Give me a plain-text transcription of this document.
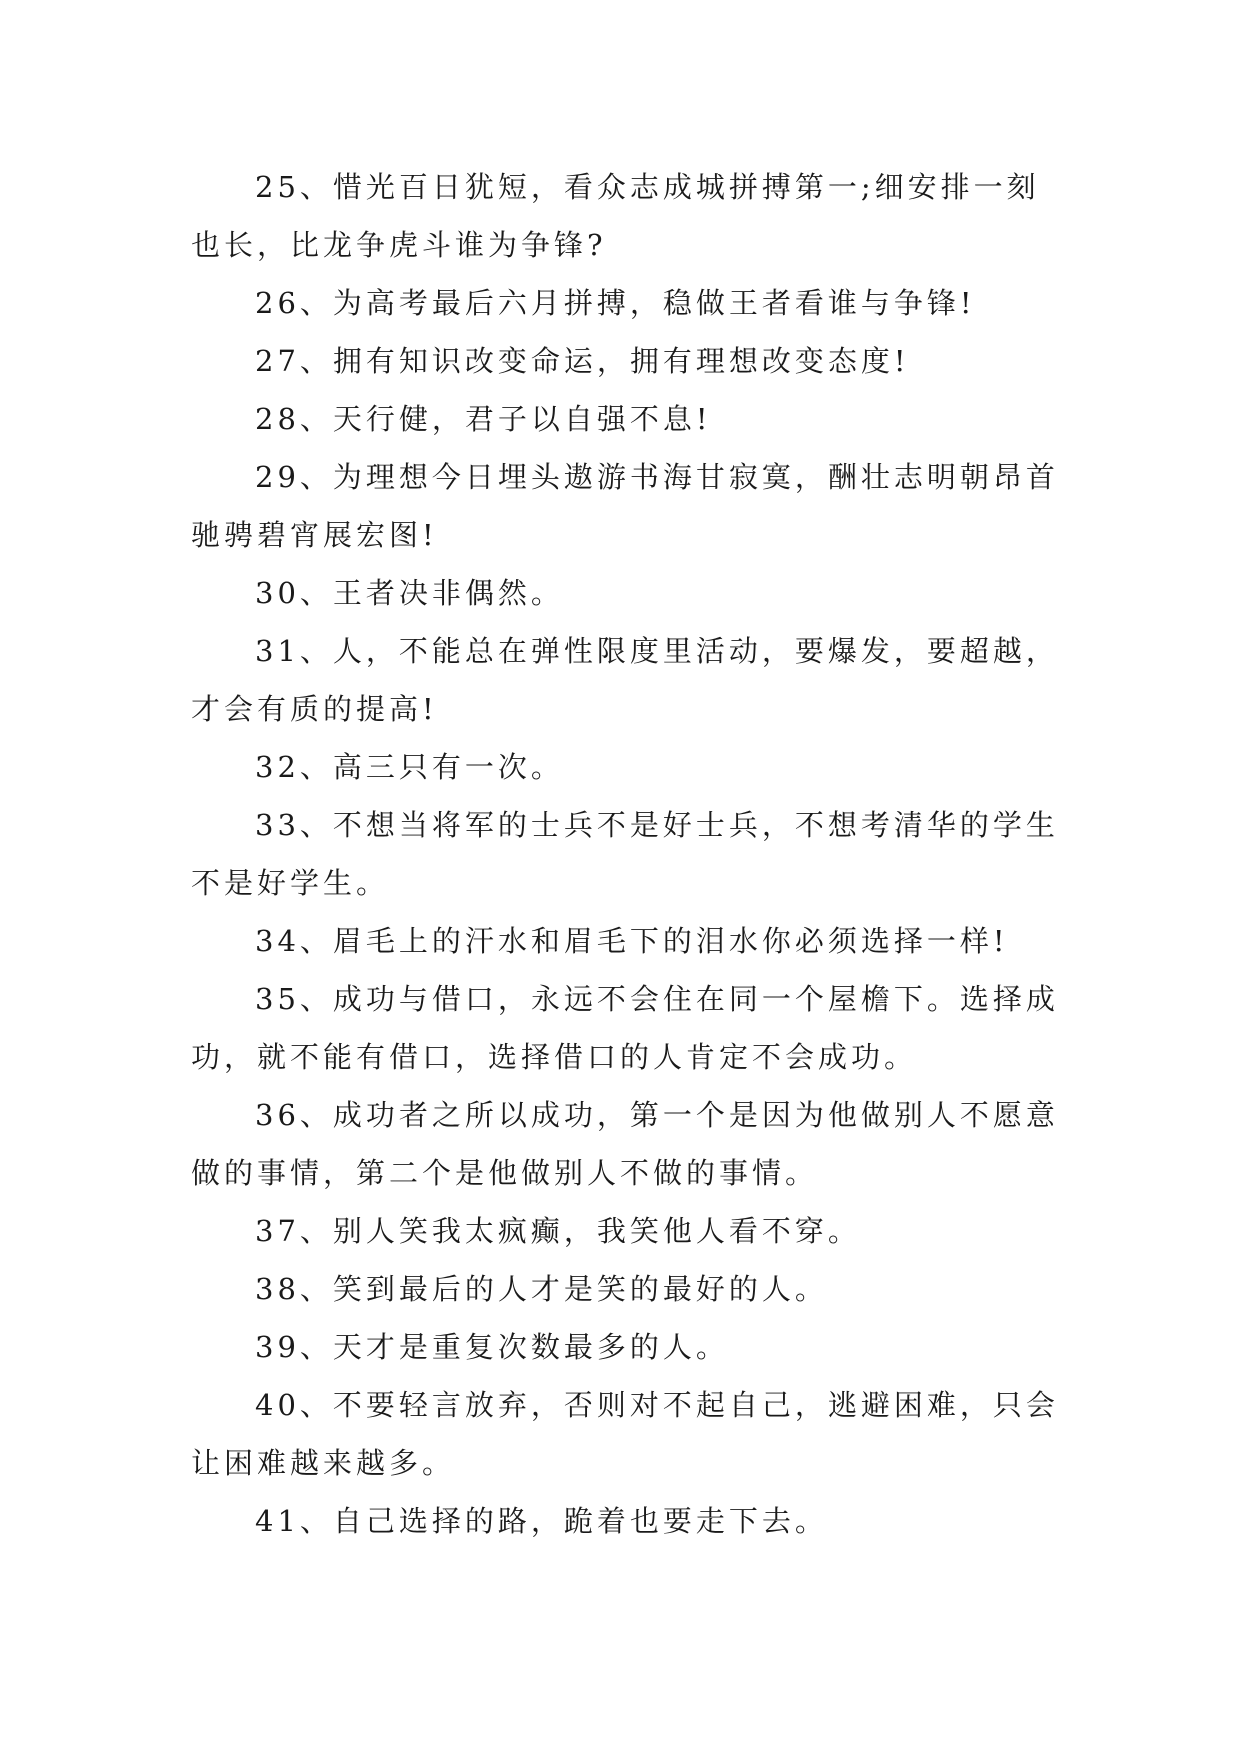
25、惜光百日犹短，看众志成城拼搏第一;细安排一刻也长，比龙争虎斗谁为争锋?

26、为高考最后六月拼搏，稳做王者看谁与争锋!

27、拥有知识改变命运，拥有理想改变态度!

28、天行健，君子以自强不息!

29、为理想今日埋头遨游书海甘寂寞，酬壮志明朝昂首驰骋碧宵展宏图!

30、王者决非偶然。

31、人，不能总在弹性限度里活动，要爆发，要超越，才会有质的提高!

32、高三只有一次。

33、不想当将军的士兵不是好士兵，不想考清华的学生不是好学生。

34、眉毛上的汗水和眉毛下的泪水你必须选择一样!

35、成功与借口，永远不会住在同一个屋檐下。选择成功，就不能有借口，选择借口的人肯定不会成功。

36、成功者之所以成功，第一个是因为他做别人不愿意做的事情，第二个是他做别人不做的事情。

37、别人笑我太疯癫，我笑他人看不穿。

38、笑到最后的人才是笑的最好的人。

39、天才是重复次数最多的人。

40、不要轻言放弃，否则对不起自己，逃避困难，只会让困难越来越多。

41、自己选择的路，跪着也要走下去。
